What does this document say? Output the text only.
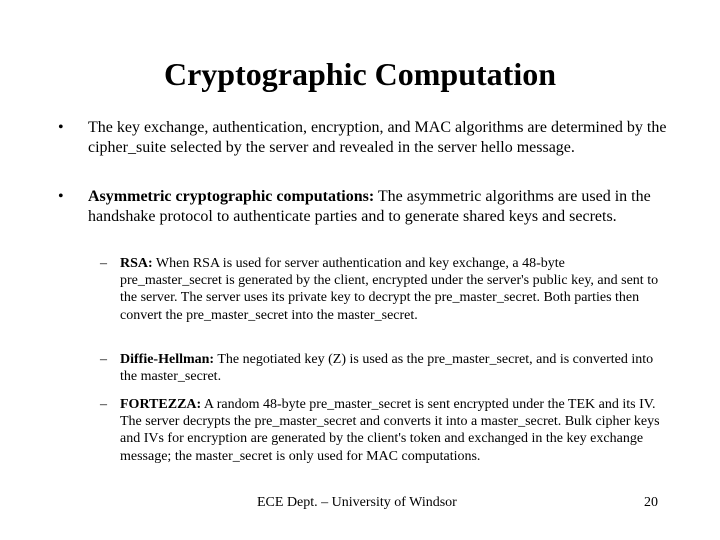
Cryptographic Computation
• The key exchange, authentication, encryption, and MAC algorithms are determined by the cipher_suite selected by the server and revealed in the server hello message.
• Asymmetric cryptographic computations: The asymmetric algorithms are used in the handshake protocol to authenticate parties and to generate shared keys and secrets.
– RSA: When RSA is used for server authentication and key exchange, a 48-byte pre_master_secret is generated by the client, encrypted under the server's public key, and sent to the server. The server uses its private key to decrypt the pre_master_secret. Both parties then convert the pre_master_secret into the master_secret.
– Diffie-Hellman: The negotiated key (Z) is used as the pre_master_secret, and is converted into the master_secret.
– FORTEZZA: A random 48-byte pre_master_secret is sent encrypted under the TEK and its IV. The server decrypts the pre_master_secret and converts it into a master_secret. Bulk cipher keys and IVs for encryption are generated by the client's token and exchanged in the key exchange message; the master_secret is only used for MAC computations.
ECE Dept. – University of Windsor	20
